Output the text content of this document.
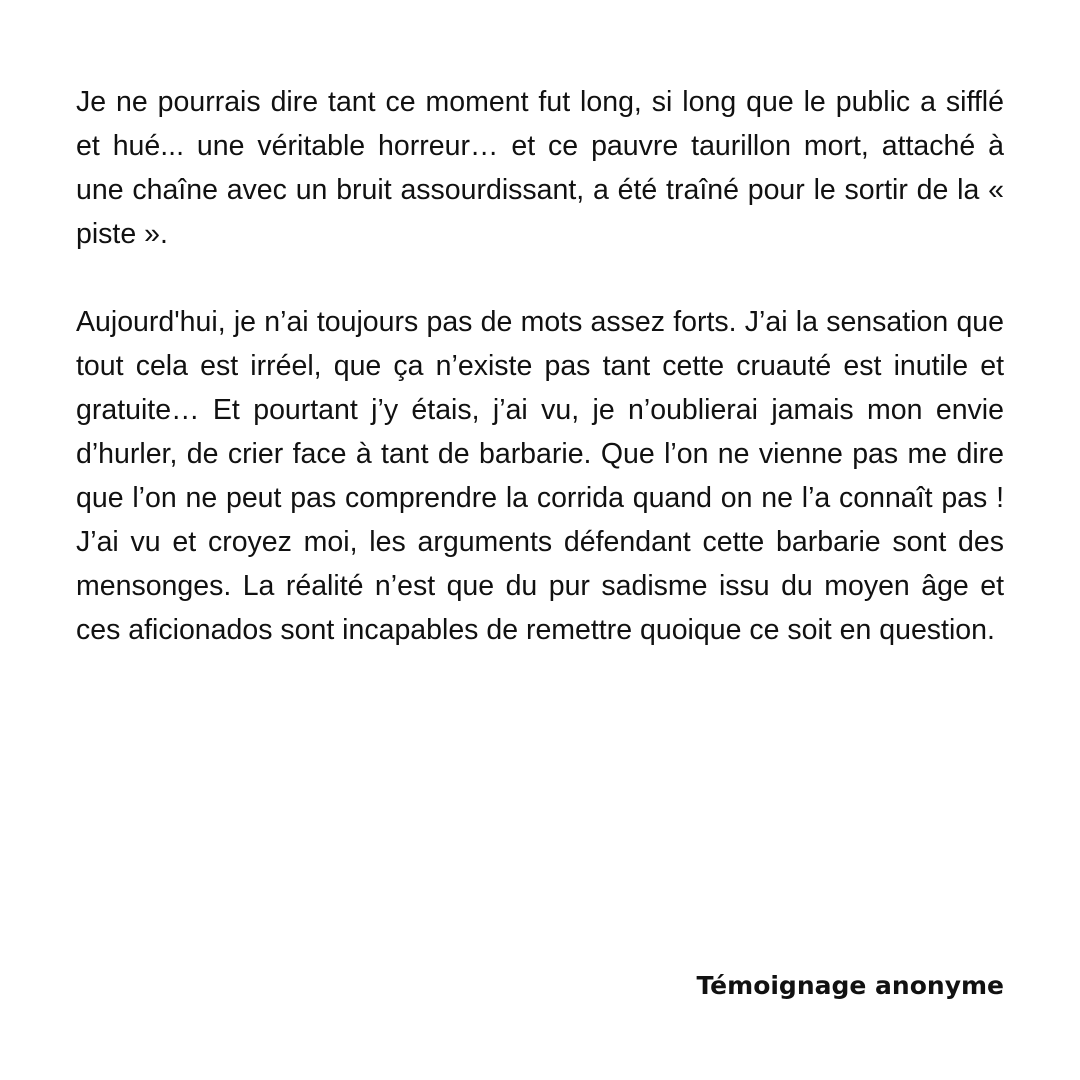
Je ne pourrais dire tant ce moment fut long, si long que le public a sifflé et hué... une véritable horreur… et ce pauvre taurillon mort, attaché à une chaîne avec un bruit assourdissant, a été traîné pour le sortir de la « piste ».

Aujourd'hui, je n’ai toujours pas de mots assez forts. J’ai la sensation que tout cela est irréel, que ça n’existe pas tant cette cruauté est inutile et gratuite… Et pourtant j’y étais, j’ai vu, je n’oublierai jamais mon envie d’hurler, de crier face à tant de barbarie. Que l’on ne vienne pas me dire que l’on ne peut pas comprendre la corrida quand on ne l’a connaît pas ! J’ai vu et croyez moi, les arguments défendant cette barbarie sont des mensonges. La réalité n’est que du pur sadisme issu du moyen âge et ces aficionados sont incapables de remettre quoique ce soit en question.

Témoignage anonyme
